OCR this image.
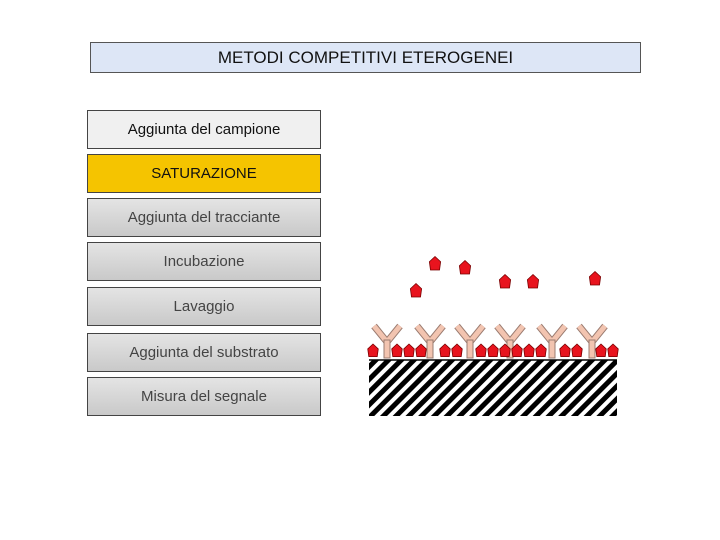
METODI COMPETITIVI ETEROGENEI
Aggiunta del campione
SATURAZIONE
Aggiunta del tracciante
Incubazione
Lavaggio
Aggiunta del substrato
Misura del segnale
